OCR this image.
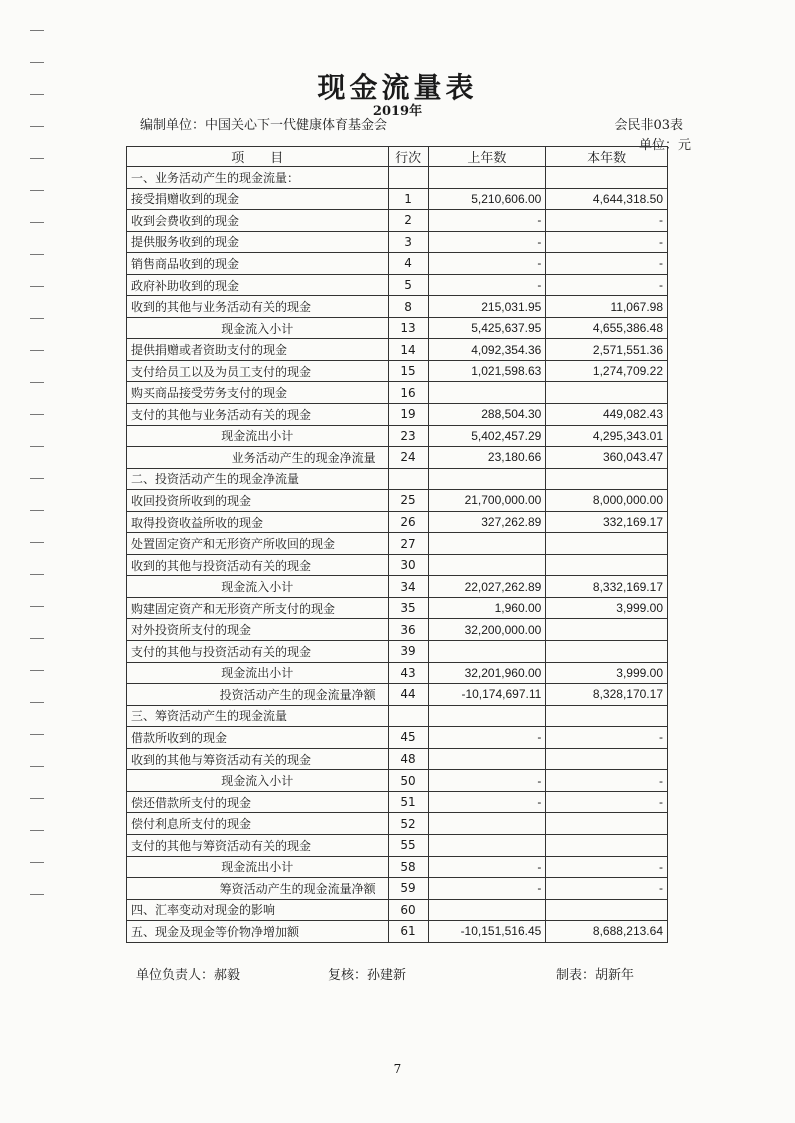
现金流量表
2019年
编制单位：中国关心下一代健康体育基金会	会民非03表
单位：元
项　　目	行次	上年数	本年数
一、业务活动产生的现金流量：			
接受捐赠收到的现金	1	5,210,606.00	4,644,318.50
收到会费收到的现金	2	-	-
提供服务收到的现金	3	-	-
销售商品收到的现金	4	-	-
政府补助收到的现金	5	-	-
收到的其他与业务活动有关的现金	8	215,031.95	11,067.98
现金流入小计	13	5,425,637.95	4,655,386.48
提供捐赠或者资助支付的现金	14	4,092,354.36	2,571,551.36
支付给员工以及为员工支付的现金	15	1,021,598.63	1,274,709.22
购买商品接受劳务支付的现金	16		
支付的其他与业务活动有关的现金	19	288,504.30	449,082.43
现金流出小计	23	5,402,457.29	4,295,343.01
业务活动产生的现金净流量	24	23,180.66	360,043.47
二、投资活动产生的现金净流量			
收回投资所收到的现金	25	21,700,000.00	8,000,000.00
取得投资收益所收的现金	26	327,262.89	332,169.17
处置固定资产和无形资产所收回的现金	27		
收到的其他与投资活动有关的现金	30		
现金流入小计	34	22,027,262.89	8,332,169.17
购建固定资产和无形资产所支付的现金	35	1,960.00	3,999.00
对外投资所支付的现金	36	32,200,000.00	
支付的其他与投资活动有关的现金	39		
现金流出小计	43	32,201,960.00	3,999.00
投资活动产生的现金流量净额	44	-10,174,697.11	8,328,170.17
三、筹资活动产生的现金流量			
借款所收到的现金	45	-	-
收到的其他与筹资活动有关的现金	48		
现金流入小计	50	-	-
偿还借款所支付的现金	51	-	-
偿付利息所支付的现金	52		
支付的其他与筹资活动有关的现金	55		
现金流出小计	58	-	-
筹资活动产生的现金流量净额	59	-	-
四、汇率变动对现金的影响	60		
五、现金及现金等价物净增加额	61	-10,151,516.45	8,688,213.64
单位负责人：郝毅	复核：孙建新	制表：胡新年
7
